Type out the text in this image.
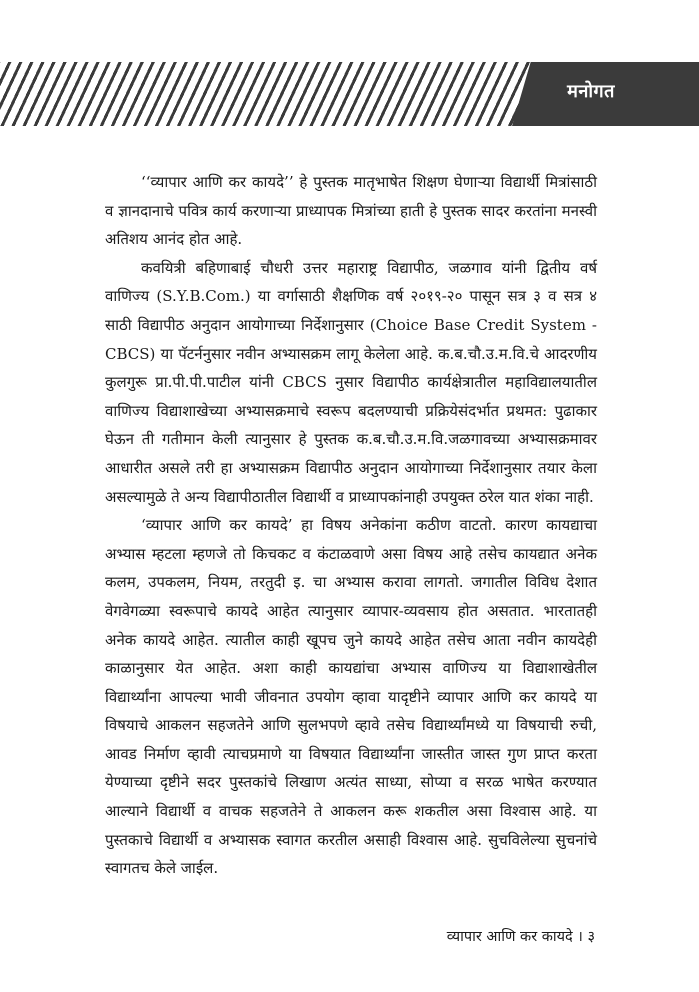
मनोगत

‘‘व्यापार आणि कर कायदे’’ हे पुस्तक मातृभाषेत शिक्षण घेणाऱ्या विद्यार्थी मित्रांसाठी व ज्ञानदानाचे पवित्र कार्य करणाऱ्या प्राध्यापक मित्रांच्या हाती हे पुस्तक सादर करतांना मनस्वी अतिशय आनंद होत आहे.

कवयित्री बहिणाबाई चौधरी उत्तर महाराष्ट्र विद्यापीठ, जळगाव यांनी द्वितीय वर्ष वाणिज्य (S.Y.B.Com.) या वर्गासाठी शैक्षणिक वर्ष २०१९-२० पासून सत्र ३ व सत्र ४ साठी विद्यापीठ अनुदान आयोगाच्या निर्देशानुसार (Choice Base Credit System - CBCS) या पॅटर्ननुसार नवीन अभ्यासक्रम लागू केलेला आहे. क.ब.चौ.उ.म.वि.चे आदरणीय कुलगुरू प्रा.पी.पी.पाटील यांनी CBCS नुसार विद्यापीठ कार्यक्षेत्रातील महाविद्यालयातील वाणिज्य विद्याशाखेच्या अभ्यासक्रमाचे स्वरूप बदलण्याची प्रक्रियेसंदर्भात प्रथमत: पुढाकार घेऊन ती गतीमान केली त्यानुसार हे पुस्तक क.ब.चौ.उ.म.वि.जळगावच्या अभ्यासक्रमावर आधारीत असले तरी हा अभ्यासक्रम विद्यापीठ अनुदान आयोगाच्या निर्देशानुसार तयार केला असल्यामुळे ते अन्य विद्यापीठातील विद्यार्थी व प्राध्यापकांनाही उपयुक्त ठरेल यात शंका नाही.

‘व्यापार आणि कर कायदे’ हा विषय अनेकांना कठीण वाटतो. कारण कायद्याचा अभ्यास म्हटला म्हणजे तो किचकट व कंटाळवाणे असा विषय आहे तसेच कायद्यात अनेक कलम, उपकलम, नियम, तरतुदी इ. चा अभ्यास करावा लागतो. जगातील विविध देशात वेगवेगळ्या स्वरूपाचे कायदे आहेत त्यानुसार व्यापार-व्यवसाय होत असतात. भारतातही अनेक कायदे आहेत. त्यातील काही खूपच जुने कायदे आहेत तसेच आता नवीन कायदेही काळानुसार येत आहेत. अशा काही कायद्यांचा अभ्यास वाणिज्य या विद्याशाखेतील विद्यार्थ्यांना आपल्या भावी जीवनात उपयोग व्हावा यादृष्टीने व्यापार आणि कर कायदे या विषयाचे आकलन सहजतेने आणि सुलभपणे व्हावे तसेच विद्यार्थ्यांमध्ये या विषयाची रुची, आवड निर्माण व्हावी त्याचप्रमाणे या विषयात विद्यार्थ्यांना जास्तीत जास्त गुण प्राप्त करता येण्याच्या दृष्टीने सदर पुस्तकांचे लिखाण अत्यंत साध्या, सोप्या व सरळ भाषेत करण्यात आल्याने विद्यार्थी व वाचक सहजतेने ते आकलन करू शकतील असा विश्वास आहे. या पुस्तकाचे विद्यार्थी व अभ्यासक स्वागत करतील असाही विश्वास आहे. सुचविलेल्या सुचनांचे स्वागतच केले जाईल.

व्यापार आणि कर कायदे । ३
